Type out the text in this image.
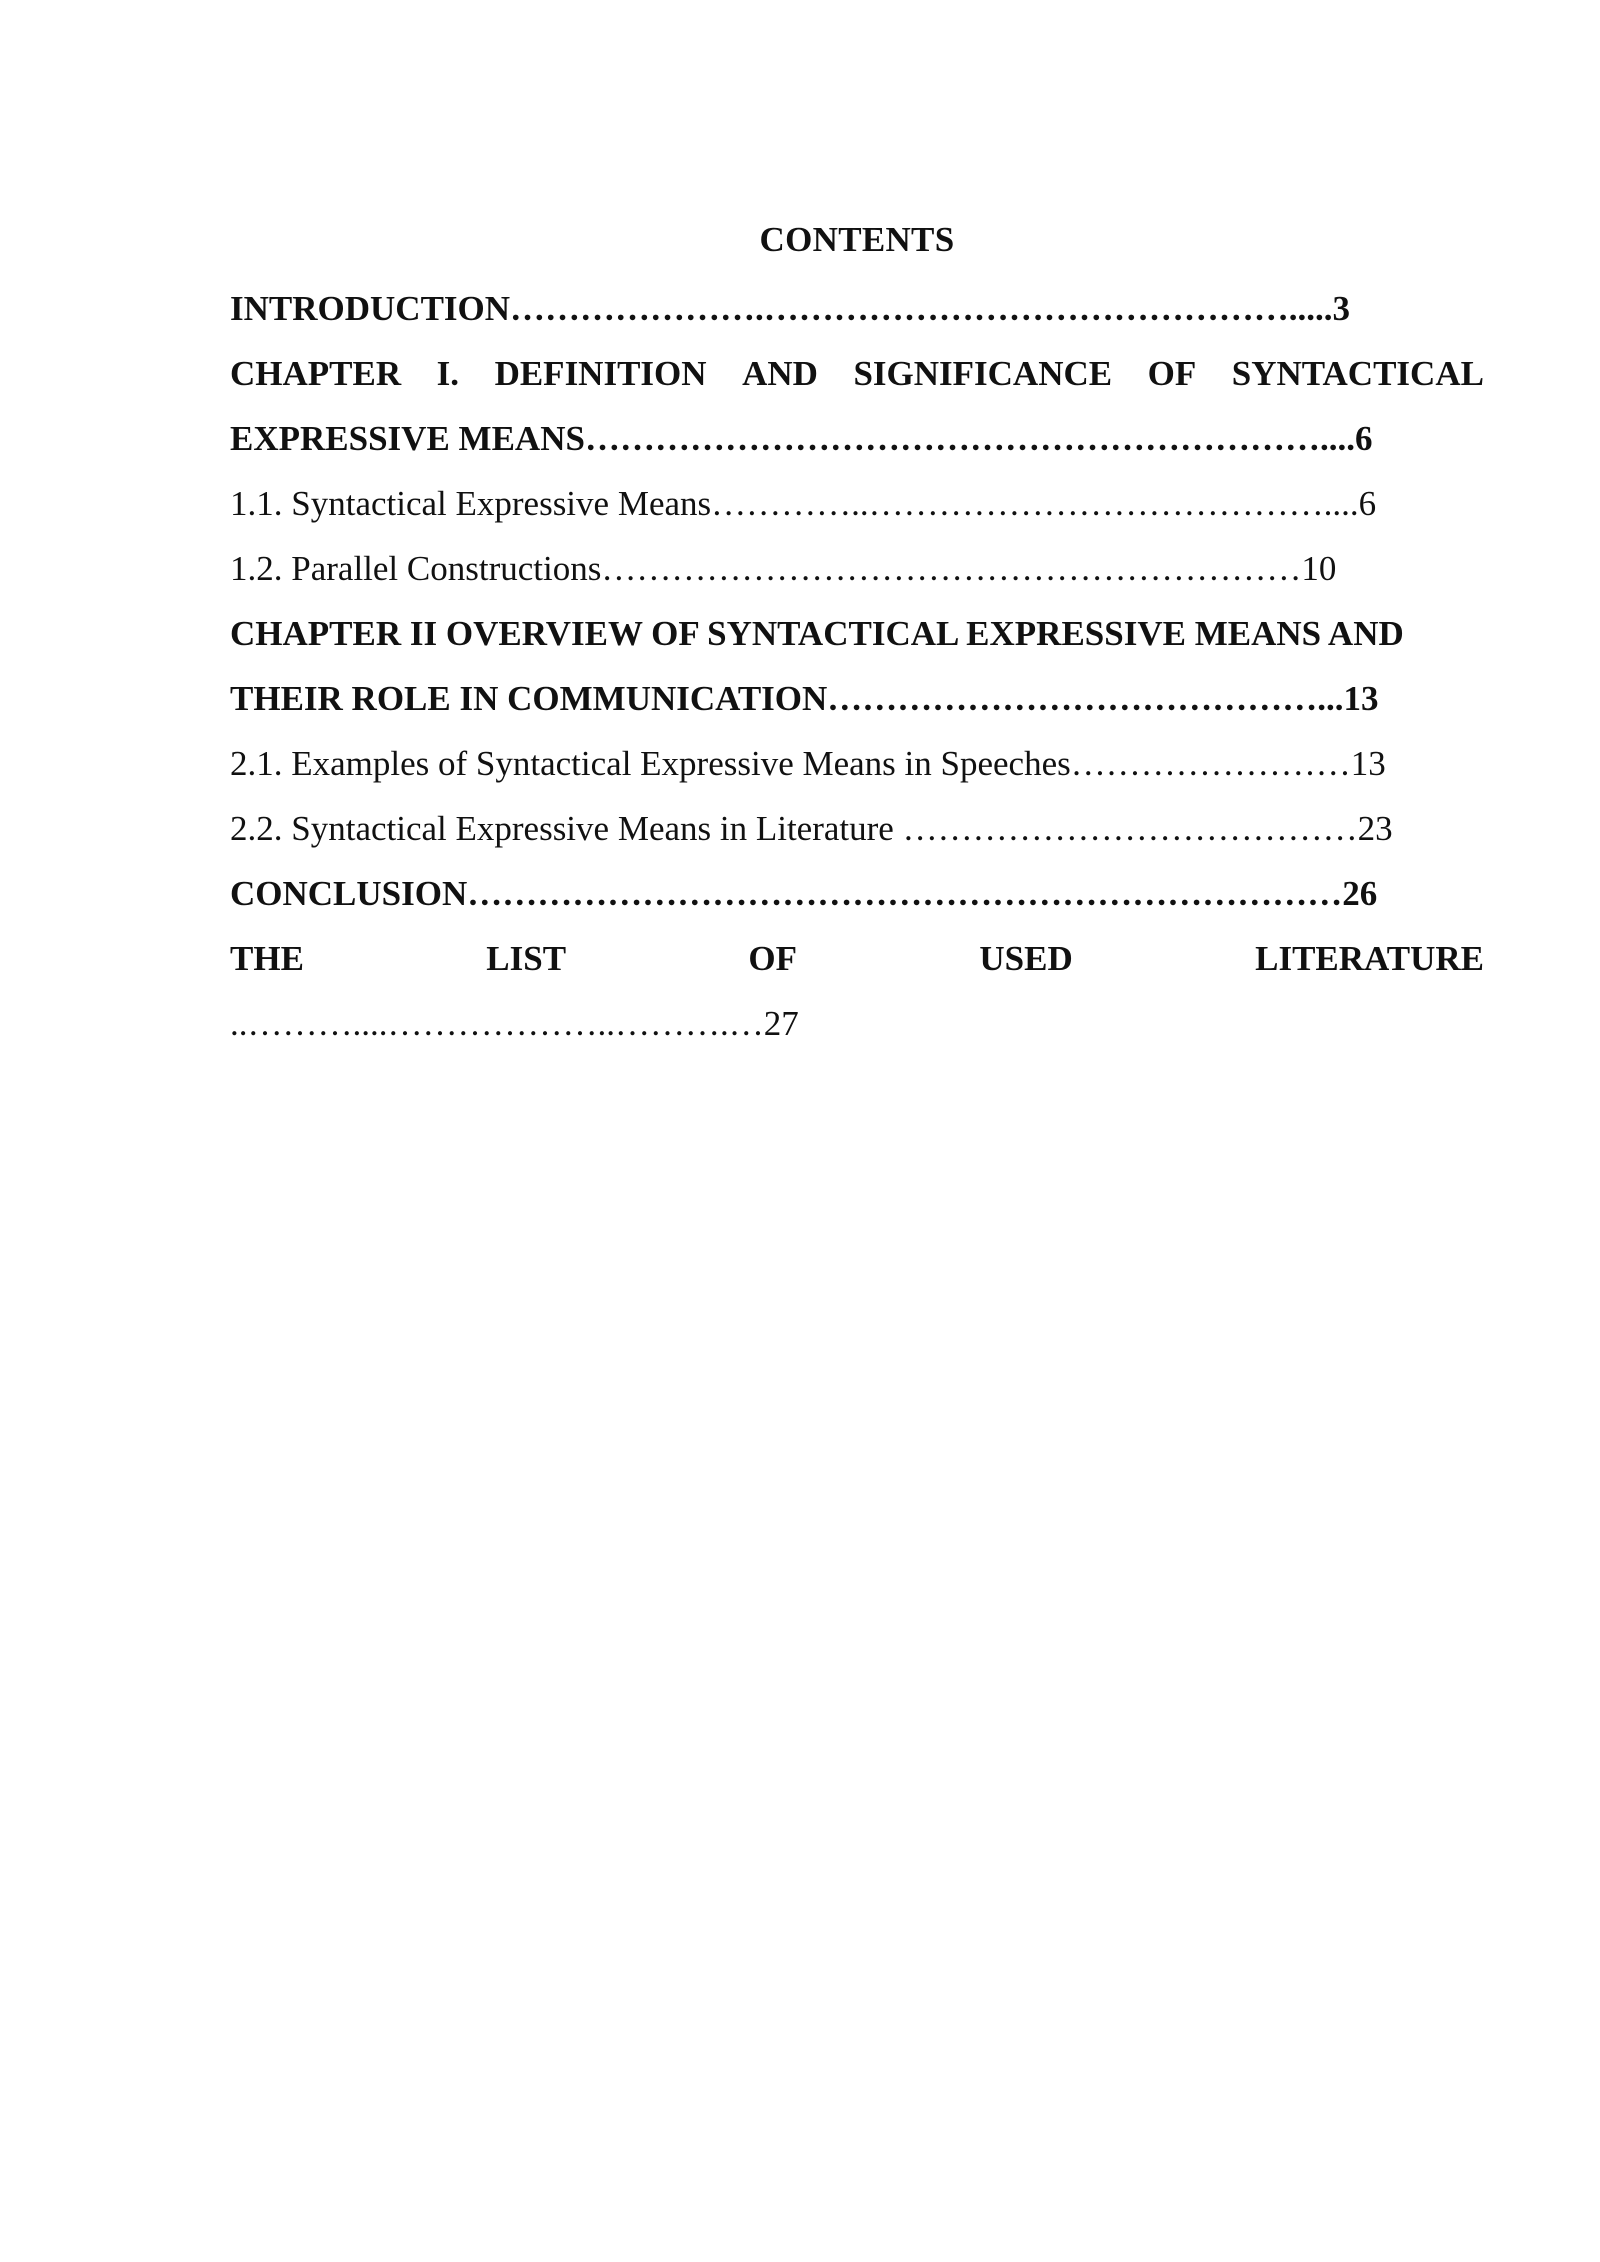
CONTENTS
INTRODUCTION………………….……………………………………….....3
CHAPTER I. DEFINITION AND SIGNIFICANCE OF SYNTACTICAL
EXPRESSIVE MEANS………………………………………………………....6
1.1. Syntactical Expressive Means…………..…………………………………....6
1.2. Parallel Constructions……………………………………………………10
CHAPTER II OVERVIEW OF SYNTACTICAL EXPRESSIVE MEANS AND
THEIR ROLE IN COMMUNICATION……………………………………...13
2.1. Examples of Syntactical Expressive Means in Speeches……………………13
2.2. Syntactical Expressive Means in Literature …………………………………23
CONCLUSION…………………………………………………………………26
THE	LIST	OF	USED	LITERATURE
..………....………………..……….…27
